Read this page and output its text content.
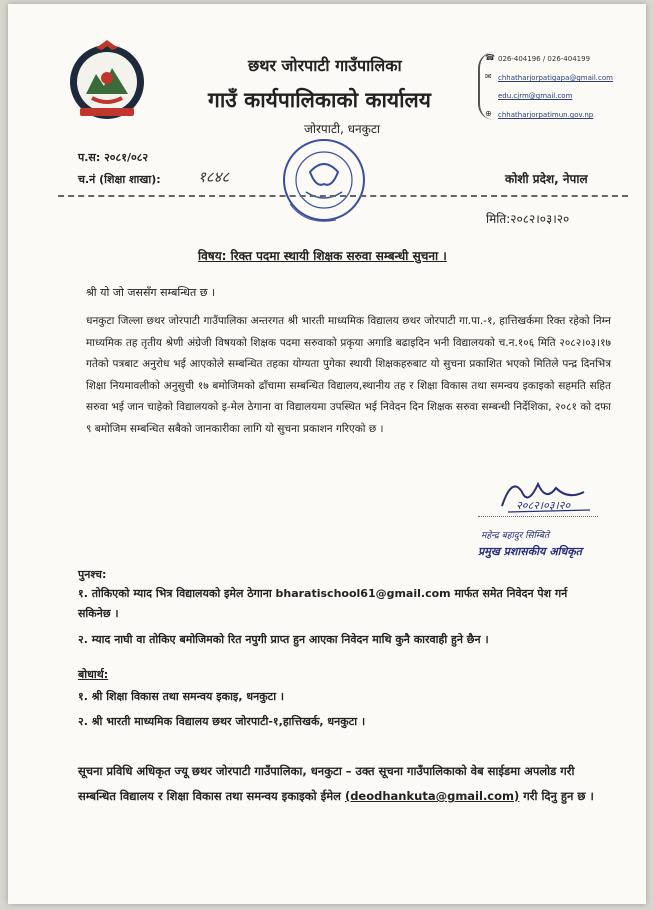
छथर जोरपाटी गाउँपालिका
गाउँ कार्यपालिकाको कार्यालय
जोरपाटी, धनकुटा
☎ 026-404196 / 026-404199
✉ chhatharjorpatigapa@gmail.com
edu.cjrm@gmail.com
⊕ chhatharjorpatimun.gov.np
प.स: २०८१/०८२
च.नं (शिक्षा शाखा): १८४८	कोशी प्रदेश, नेपाल
मिति:२०८२।०३।२०
विषय: रिक्त पदमा स्थायी शिक्षक सरुवा सम्बन्धी सुचना ।
श्री यो जो जससँग सम्बन्धित छ ।
धनकुटा जिल्ला छथर जोरपाटी गाउँपालिका अन्तरगत श्री भारती माध्यमिक विद्यालय छथर जोरपाटी गा.पा.-१, हात्तिखर्कमा रिक्त रहेको निम्न माध्यमिक तह तृतीय श्रेणी अंग्रेजी विषयको शिक्षक पदमा सरुवाको प्रकृया अगाडि बढाइदिन भनी विद्यालयको च.न.१०६ मिति २०८२।०३।१७ गतेको पत्रबाट अनुरोध भई आएकोले सम्बन्धित तहका योग्यता पुगेका स्थायी शिक्षकहरुबाट यो सुचना प्रकाशित भएको मितिले पन्द्र दिनभित्र शिक्षा नियमावलीको अनुसुची १७ बमोजिमको ढाँचामा सम्बन्धित विद्यालय,स्थानीय तह र शिक्षा विकास तथा समन्वय इकाइको सहमति सहित सरुवा भई जान चाहेको विद्यालयको इ-मेल ठेगाना वा विद्यालयमा उपस्थित भई निवेदन दिन शिक्षक सरुवा सम्बन्धी निर्देशिका, २०८१ को दफा ९ बमोजिम सम्बन्धित सबैको जानकारीका लागि यो सुचना प्रकाशन गरिएको छ ।
२०८२।०३।२०
महेन्द्र बहादुर सिम्बिते
प्रमुख प्रशासकीय अधिकृत
पुनश्च:
१. तोकिएको म्याद भित्र विद्यालयको इमेल ठेगाना bharatischool61@gmail.com मार्फत समेत निवेदन पेश गर्न सकिनेछ ।
२. म्याद नाघी वा तोकिए बमोजिमको रित नपुगी प्राप्त हुन आएका निवेदन माथि कुनै कारवाही हुने छैन ।
बोधार्थ:
१. श्री शिक्षा विकास तथा समन्वय इकाइ, धनकुटा ।
२. श्री भारती माध्यमिक विद्यालय छथर जोरपाटी-१,हात्तिखर्क, धनकुटा ।
सूचना प्रविधि अधिकृत ज्यू छथर जोरपाटी गाउँपालिका, धनकुटा – उक्त सूचना गाउँपालिकाको वेब साईडमा अपलोड गरी सम्बन्धित विद्यालय र शिक्षा विकास तथा समन्वय इकाइको ईमेल (deodhankuta@gmail.com) गरी दिनु हुन छ ।
